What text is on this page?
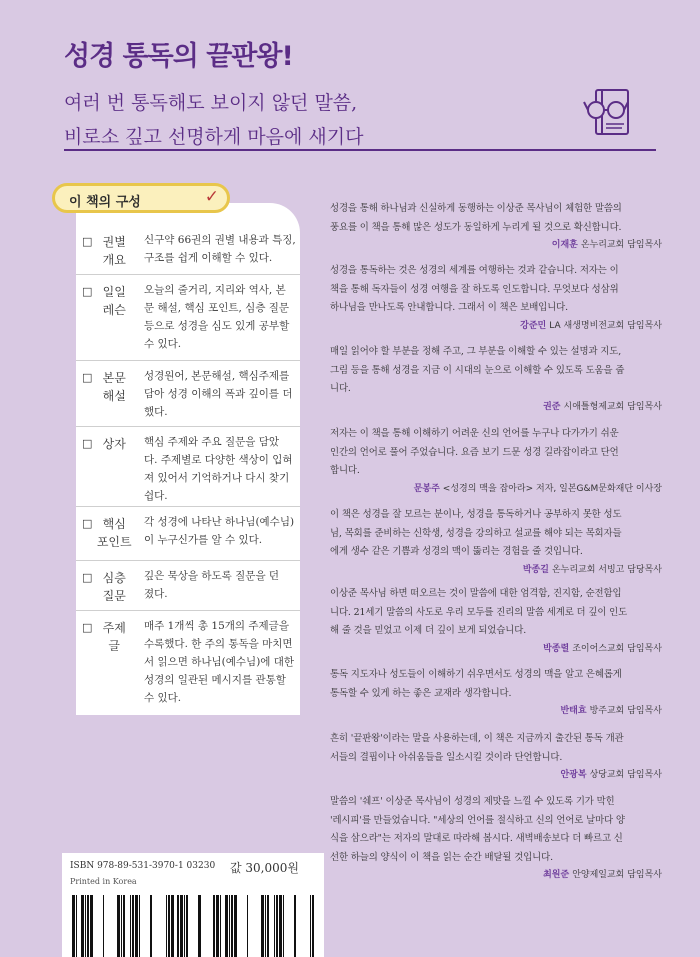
성경 통독의 끝판왕!
여러 번 통독해도 보이지 않던 말씀,
비로소 깊고 선명하게 마음에 새기다
이 책의 구성	✓
□ 권별
개요
신구약 66권의 권별 내용과 특징,
구조를 쉽게 이해할 수 있다.
□ 일일
레슨
오늘의 줄거리, 지리와 역사, 본
문 해설, 핵심 포인트, 심층 질문
등으로 성경을 심도 있게 공부할
수 있다.
□ 본문
해설
성경원어, 본문해설, 핵심주제를
담아 성경 이해의 폭과 깊이를 더
했다.
□ 상자	핵심 주제와 주요 질문을 담았
다. 주제별로 다양한 색상이 입혀
져 있어서 기억하거나 다시 찾기
쉽다.
□ 핵심
포인트
각 성경에 나타난 하나님(예수님)
이 누구신가를 알 수 있다.
□ 심층
질문
깊은 묵상을 하도록 질문을 던
졌다.
□ 주제
글
매주 1개씩 총 15개의 주제글을
수록했다. 한 주의 통독을 마치면
서 읽으면 하나님(예수님)에 대한
성경의 일관된 메시지를 관통할
수 있다.
성경을 통해 하나님과 신실하게 동행하는 이상준 목사님이 체험한 말씀의
풍요를 이 책을 통해 많은 성도가 동일하게 누리게 될 것으로 확신합니다.
이재훈 온누리교회 담임목사
성경을 통독하는 것은 성경의 세계를 여행하는 것과 같습니다. 저자는 이
책을 통해 독자들이 성경 여행을 잘 하도록 인도합니다. 무엇보다 성삼위
하나님을 만나도록 안내합니다. 그래서 이 책은 보배입니다.
강준민 LA 새생명비전교회 담임목사
매일 읽어야 할 부분을 정해 주고, 그 부분을 이해할 수 있는 설명과 지도,
그림 등을 통해 성경을 지금 이 시대의 눈으로 이해할 수 있도록 도움을 줍
니다.
권준 시애틀형제교회 담임목사
저자는 이 책을 통해 이해하기 어려운 신의 언어를 누구나 다가가기 쉬운
인간의 언어로 풀어 주었습니다. 요즘 보기 드문 성경 길라잡이라고 단언
합니다.
문봉주 <성경의 맥을 잡아라> 저자, 일본G&M문화재단 이사장
이 책은 성경을 잘 모르는 분이나, 성경을 통독하거나 공부하지 못한 성도
님, 목회를 준비하는 신학생, 성경을 강의하고 설교를 해야 되는 목회자들
에게 생수 같은 기쁨과 성경의 맥이 뚫리는 경험을 줄 것입니다.
박종길 온누리교회 서빙고 담당목사
이상준 목사님 하면 떠오르는 것이 말씀에 대한 엄격함, 진지함, 순전함입
니다. 21세기 말씀의 사도로 우리 모두를 진리의 말씀 세계로 더 깊이 인도
해 줄 것을 믿었고 이제 더 깊이 보게 되었습니다.
박종렬 조이어스교회 담임목사
통독 지도자나 성도들이 이해하기 쉬우면서도 성경의 맥을 알고 은혜롭게
통독할 수 있게 하는 좋은 교재라 생각합니다.
반태효 방주교회 담임목사
흔히 '끝판왕'이라는 말을 사용하는데, 이 책은 지금까지 출간된 통독 개관
서들의 결핍이나 아쉬움들을 일소시킬 것이라 단언합니다.
안광복 상당교회 담임목사
말씀의 '쉐프' 이상준 목사님이 성경의 제맛을 느낄 수 있도록 기가 막힌
'레시피'를 만들었습니다. "세상의 언어를 절식하고 신의 언어로 날마다 양
식을 삼으라"는 저자의 말대로 따라해 봅시다. 새벽배송보다 더 빠르고 신
선한 하늘의 양식이 이 책을 읽는 순간 배달될 것입니다.
최원준 안양제일교회 담임목사
ISBN 978-89-531-3970-1 03230
Printed in Korea
값 30,000원
